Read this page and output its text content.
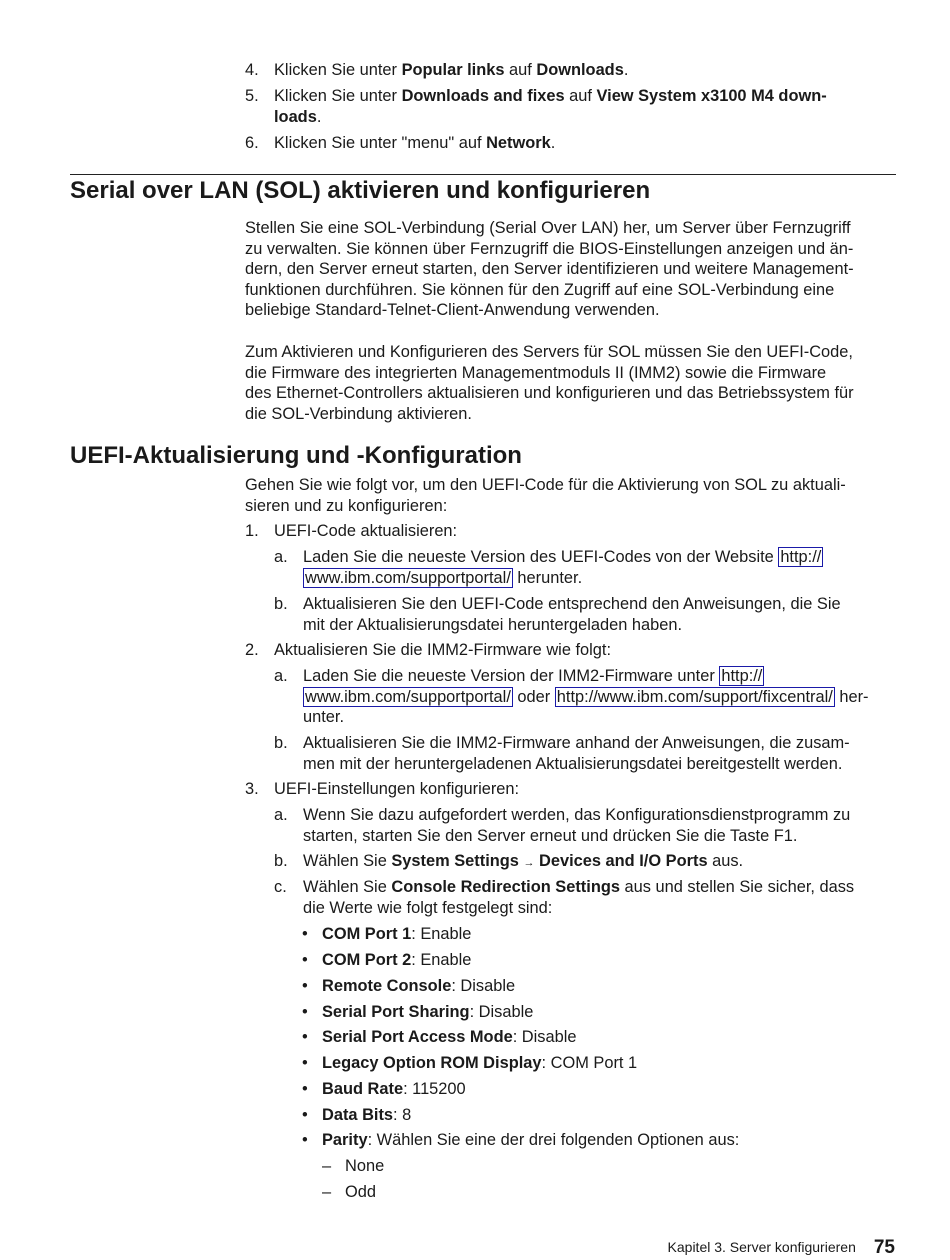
4. Klicken Sie unter Popular links auf Downloads.
5. Klicken Sie unter Downloads and fixes auf View System x3100 M4 down-
loads.
6. Klicken Sie unter "menu" auf Network.
Serial over LAN (SOL) aktivieren und konfigurieren
Stellen Sie eine SOL-Verbindung (Serial Over LAN) her, um Server über Fernzugriff
zu verwalten. Sie können über Fernzugriff die BIOS-Einstellungen anzeigen und än-
dern, den Server erneut starten, den Server identifizieren und weitere Management-
funktionen durchführen. Sie können für den Zugriff auf eine SOL-Verbindung eine
beliebige Standard-Telnet-Client-Anwendung verwenden.
Zum Aktivieren und Konfigurieren des Servers für SOL müssen Sie den UEFI-Code,
die Firmware des integrierten Managementmoduls II (IMM2) sowie die Firmware
des Ethernet-Controllers aktualisieren und konfigurieren und das Betriebssystem für
die SOL-Verbindung aktivieren.
UEFI-Aktualisierung und -Konfiguration
Gehen Sie wie folgt vor, um den UEFI-Code für die Aktivierung von SOL zu aktuali-
sieren und zu konfigurieren:
1. UEFI-Code aktualisieren:
a. Laden Sie die neueste Version des UEFI-Codes von der Website http://
www.ibm.com/supportportal/ herunter.
b. Aktualisieren Sie den UEFI-Code entsprechend den Anweisungen, die Sie
mit der Aktualisierungsdatei heruntergeladen haben.
2. Aktualisieren Sie die IMM2-Firmware wie folgt:
a. Laden Sie die neueste Version der IMM2-Firmware unter http://
www.ibm.com/supportportal/ oder http://www.ibm.com/support/fixcentral/ her-
unter.
b. Aktualisieren Sie die IMM2-Firmware anhand der Anweisungen, die zusam-
men mit der heruntergeladenen Aktualisierungsdatei bereitgestellt werden.
3. UEFI-Einstellungen konfigurieren:
a. Wenn Sie dazu aufgefordert werden, das Konfigurationsdienstprogramm zu
starten, starten Sie den Server erneut und drücken Sie die Taste F1.
b. Wählen Sie System Settings → Devices and I/O Ports aus.
c. Wählen Sie Console Redirection Settings aus und stellen Sie sicher, dass
die Werte wie folgt festgelegt sind:
• COM Port 1: Enable
• COM Port 2: Enable
• Remote Console: Disable
• Serial Port Sharing: Disable
• Serial Port Access Mode: Disable
• Legacy Option ROM Display: COM Port 1
• Baud Rate: 115200
• Data Bits: 8
• Parity: Wählen Sie eine der drei folgenden Optionen aus:
– None
– Odd
Kapitel 3. Server konfigurieren 75
